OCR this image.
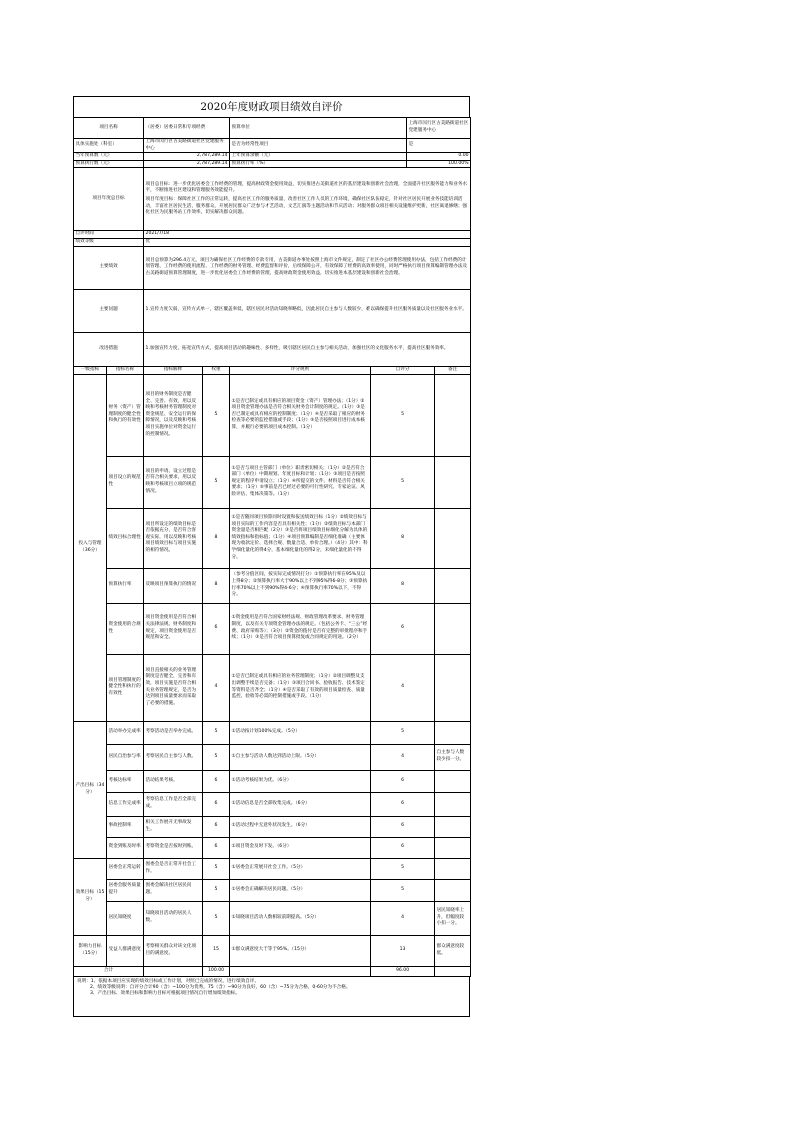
2020年度财政项目绩效自评价
项目名称		（居委）居委日常和专项经费		预算单位		上海市闵行区古美路街道社区党建服务中心	
具体实施处（科室）		上海市闵行区古美路街道社区党建服务中心		是否为经常性项目		是	
当年预算数（元）		2,787,289.14		上年预算余额（元）		0.00	
预算执行数（元）		2,787,289.14		预算执行率（%）		100.00%	
项目年度总目标		项目总目标：进一步优化居委会工作经费的管理，提高财政资金使用效益，切实推进古美街道社区的基层建设和创新社会治理，全面提升社区服务能力和业务水平，不断推进社区建设和管理服务效能提升。
项目年度目标：保障社区工作的正常运转，提高社区工作的服务质量，改善社区工作人员的工作环境，确保社区队伍稳定，针对社区居民开展业务技能培训活动，丰富社区居民生活，服务群众，开展居民群众广泛参与才艺活动，文艺汇演等主题活动和节庆活动；对服务群众项目相关设施维护更新，社区离退修缮；强化社区为民服务站工作效率，切实解决群众问题。					

自评时间		2021/7/18					
绩效等级		优					
主要绩效		项目总预算为296.4万元，项目为确保社区工作经费的专款专用，古美街道办事处按照上海市文件规定，制定了社区办公经费管理使用办法，包括工作经费的计划管理、工作经费的使用流程、工作经费的财务管理、经费监督和评价，后续保障公开，有效保障了经费的高效率使用，同时严格执行项目预算编制管理办法及古美路街道预算管理制度，进一步优化居委会工作经费的管理，提高财政资金使用效益，切实推进本基层建设和创新社会治理。					
主要问题		1.宣传力度欠弱，宣传方式单一，辖区覆盖率低，辖区居民对活动知晓率略低，因此居民自主参与人数较少，难以确保提升社区服务质量以及社区服务业水平。					
改进措施		1.加强宣传力度，拓宽宣传方式，提高项目活动的趣味性、多样性，吸引辖区居民自主参与相关活动，加强社区的文化服务水平，提高社区服务效率。					
一级指标	指标名称	指标解释	权重	评分规则	自评分		备注
投入与管理（36分）	财务（资产）管理制度的健全性和执行的有效性	项目的财务制度是否健全、完善、有效，用以反映和考核财务管理制度对资金规范、安全运行的保障情况，以及反映和考核项目实施单位对资金运行的控制情况。	5	①是否已制定或具有相应的项目资金（资产）管理办法；（1分）②项目资金管理办法是否符合相关财务会计制度的规定。（1分）③是否已制定或具有相应的控制制度；（1分）④是否采取了相应的财务检查等必要的监控措施或手段；（1分）⑤是否按照项目进行成本核算，并履行必要的项目成本控制。（1分）	5		
	项目设立的规范性	项目的申请、设立过程是否符合相关要求，用以反映和考核项目立项的规范情况。	5	①是否与项目主管部门（单位）职责密切相关；（1分）②是否符合部门（单位）中期规划、年度目标和计划；（1分）③项目是否按照规定的程序申请设立；（1分）④所提交的文件、材料是否符合相关要求；（1分）⑤事前是否已经过必要的可行性研究、专家论证、风险评估、集体决策等。（1分）	5		
	绩效目标合理性	项目所设定的绩效目标是否依据充分，是否符合客观实际，用以反映和考核项目绩效目标与项目实施的相符情况。	8	①是否随同项目预算同时设置和报送绩效目标（1分）②绩效目标与项目实际的工作内容是否具有相关性；（1分）②绩效目标与本部门资金量是否相匹配（2分）③是否将项目绩效目标细化分解为具体的绩效指标和指标值；（1分）④项目预算编制是否细化准确（主要体现为收款定价、选择合规、数量合适、单价合理。）（4分）其中：科学细化量化的得4分，基本细化量化的得2分，未细化量化的不得分。	8		
	预算执行率	反映项目预算执行的情况	8	（参考分值区间，按实际完成情况打分）①预算执行率在95%及以上得8分；②预算执行率大于90%以上不到95%得6-8分；③预算执行率70%以上不到90%得4-6分；④预算执行率70%以下，不得分。	8		
	资金使用的合规性	项目资金使用是否符合相关法律法规、财务制度和规定，项目资金使用是否规范和安全。	6	①资金使用是否符合国家财经法规、财政管理改革要求、财务管理制度，以及有关专项资金管理办法的规定。（包括公务卡、“三公”经费、政府采购等）；（3分）②资金的拨付是否有完整的审批程序和手续；（1分）③是否符合项目预算批复或合同规定的用途。（2分）	6		
	项目管理制度的健全性和执行的有效性	项目直接相关的业务管理制度是否健全，完善和有效，项目实施是否符合相关业务管理规定，是否为达到项目质量要求而采取了必要的措施。	4	①是否已制定或具有相应的业务管理制度；（1分）②项目调整及支出调整手续是否完备；（1分）③项目合同书、验收报告、技术鉴定等资料是否齐全；（1分）④是否采取了有效的项目质量检查、质量监控、验收等必需的控制措施或手段。（1分）	4		
产出目标（34分）	活动举办完成率	考察活动是否举办完成。	5	①活动按计划100%完成。（5分）	5		
	居民自治参与率	考察居民自主参与人数。	5	①自主参与活动人数达到活动上限。（5分）	4		自主参与人数较少扣一分。
	考核达标率	活动结果考核。	6	①活动考核结果为优。（6分）	6		
	信息工作完成率	考察信息工作是否全部完成。	6	①活动信息是否全部收集完成。（6分）	6		
	事故控制率	相关工作展开无事故发生。	6	①活动过程中无意外状况发生。（6分）	6		
	资金到账及时率	考察资金是否按时到账。	6	①项目资金及时下发。（6分）	6		
效果目标（15分）	居委会正常运转	围委会是否正常开社会工作。	5	①居委会正常展开社会工作。（5分）	5		
	居委会服务质量提升	围委会解决社区居民问题。	5	①居委会正确解决居民问题。（5分）	5		
	居民知晓度	知晓项目活动的居民人数。	5	①知晓项目活动人数相较前期提高。（5分）	4		居民知晓率上升，但幅度较小扣一分。
影响力目标（15分）	受益人群满意度	考察相关群众对该文化项目的满意度。	15	①群众满意度大于等于95%。（15分）	13		群众满意度较低。
合计			100.00		96.00		
说明：1、依据本项目应实现的绩效目标或工作计划，对照已完成的情况，进行绩效自评。
2、绩效等级说明：自评分合计90（含）~100分为优秀，75（含）~90分为良好，60（含）~75分为合格，0-60分为不合格。
3、产出目标、效果目标和影响力目标可根据项目情况自行增加绩效指标。
